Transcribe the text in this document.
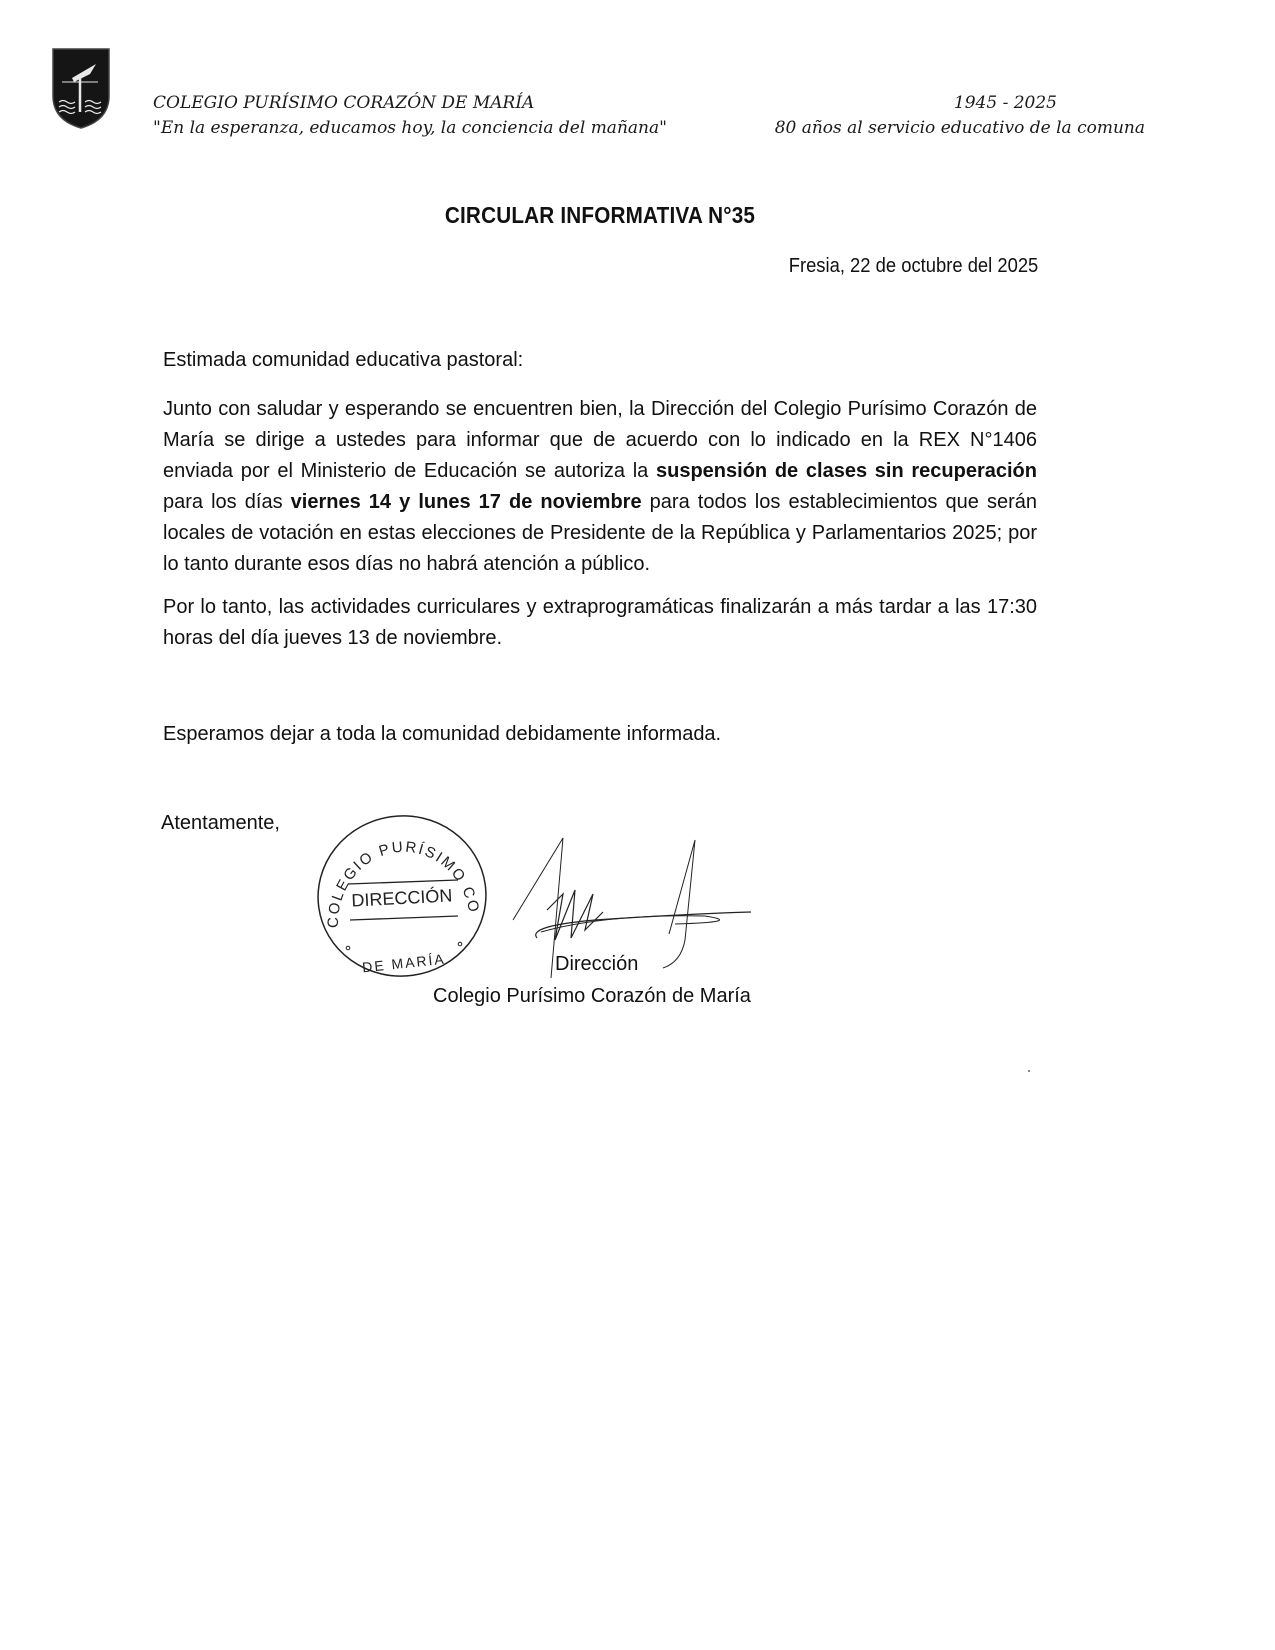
COLEGIO PURÍSIMO CORAZÓN DE MARÍA
"En la esperanza, educamos hoy, la conciencia del mañana"
1945 - 2025
80 años al servicio educativo de la comuna
CIRCULAR INFORMATIVA N°35
Fresia, 22 de octubre del 2025

Estimada comunidad educativa pastoral:

Junto con saludar y esperando se encuentren bien, la Dirección del Colegio Purísimo Corazón de María se dirige a ustedes para informar que de acuerdo con lo indicado en la REX N°1406 enviada por el Ministerio de Educación se autoriza la suspensión de clases sin recuperación para los días viernes 14 y lunes 17 de noviembre para todos los establecimientos que serán locales de votación en estas elecciones de Presidente de la República y Parlamentarios 2025; por lo tanto durante esos días no habrá atención a público.

Por lo tanto, las actividades curriculares y extraprogramáticas finalizarán a más tardar a las 17:30 horas del día jueves 13 de noviembre.

Esperamos dejar a toda la comunidad debidamente informada.

Atentamente,
COLEGIO PURÍSIMO CO
DIRECCIÓN
DE MARÍA	Dirección
Colegio Purísimo Corazón de María
